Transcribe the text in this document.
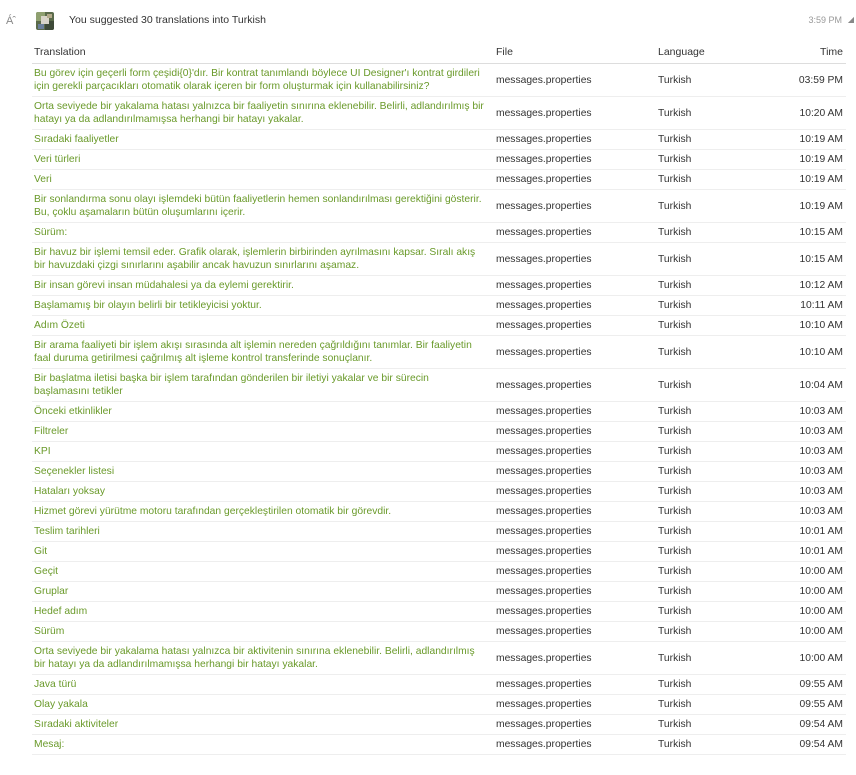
Áˆ	You suggested 30 translations into Turkish	3:59 PM ◢
Translation	File	Language	Time
Bu görev için geçerli form çeşidi{0}'dır. Bir kontrat tanımlandı böylece UI Designer'ı kontrat girdileri için gerekli parçacıkları otomatik olarak içeren bir form oluşturmak için kullanabilirsiniz?	messages.properties	Turkish	03:59 PM
Orta seviyede bir yakalama hatası yalnızca bir faaliyetin sınırına eklenebilir. Belirli, adlandırılmış bir hatayı ya da adlandırılmamışsa herhangi bir hatayı yakalar.	messages.properties	Turkish	10:20 AM
Sıradaki faaliyetler	messages.properties	Turkish	10:19 AM
Veri türleri	messages.properties	Turkish	10:19 AM
Veri	messages.properties	Turkish	10:19 AM
Bir sonlandırma sonu olayı işlemdeki bütün faaliyetlerin hemen sonlandırılması gerektiğini gösterir. Bu, çoklu aşamaların bütün oluşumlarını içerir.	messages.properties	Turkish	10:19 AM
Sürüm:	messages.properties	Turkish	10:15 AM
Bir havuz bir işlemi temsil eder. Grafik olarak, işlemlerin birbirinden ayrılmasını kapsar. Sıralı akış bir havuzdaki çizgi sınırlarını aşabilir ancak havuzun sınırlarını aşamaz.	messages.properties	Turkish	10:15 AM
Bir insan görevi insan müdahalesi ya da eylemi gerektirir.	messages.properties	Turkish	10:12 AM
Başlamamış bir olayın belirli bir tetikleyicisi yoktur.	messages.properties	Turkish	10:11 AM
Adım Özeti	messages.properties	Turkish	10:10 AM
Bir arama faaliyeti bir işlem akışı sırasında alt işlemin nereden çağrıldığını tanımlar. Bir faaliyetin faal duruma getirilmesi çağrılmış alt işleme kontrol transferinde sonuçlanır.	messages.properties	Turkish	10:10 AM
Bir başlatma iletisi başka bir işlem tarafından gönderilen bir iletiyi yakalar ve bir sürecin başlamasını tetikler	messages.properties	Turkish	10:04 AM
Önceki etkinlikler	messages.properties	Turkish	10:03 AM
Filtreler	messages.properties	Turkish	10:03 AM
KPI	messages.properties	Turkish	10:03 AM
Seçenekler listesi	messages.properties	Turkish	10:03 AM
Hataları yoksay	messages.properties	Turkish	10:03 AM
Hizmet görevi yürütme motoru tarafından gerçekleştirilen otomatik bir görevdir.	messages.properties	Turkish	10:03 AM
Teslim tarihleri	messages.properties	Turkish	10:01 AM
Git	messages.properties	Turkish	10:01 AM
Geçit	messages.properties	Turkish	10:00 AM
Gruplar	messages.properties	Turkish	10:00 AM
Hedef adım	messages.properties	Turkish	10:00 AM
Sürüm	messages.properties	Turkish	10:00 AM
Orta seviyede bir yakalama hatası yalnızca bir aktivitenin sınırına eklenebilir. Belirli, adlandırılmış bir hatayı ya da adlandırılmamışsa herhangi bir hatayı yakalar.	messages.properties	Turkish	10:00 AM
Java türü	messages.properties	Turkish	09:55 AM
Olay yakala	messages.properties	Turkish	09:55 AM
Sıradaki aktiviteler	messages.properties	Turkish	09:54 AM
Mesaj:	messages.properties	Turkish	09:54 AM
